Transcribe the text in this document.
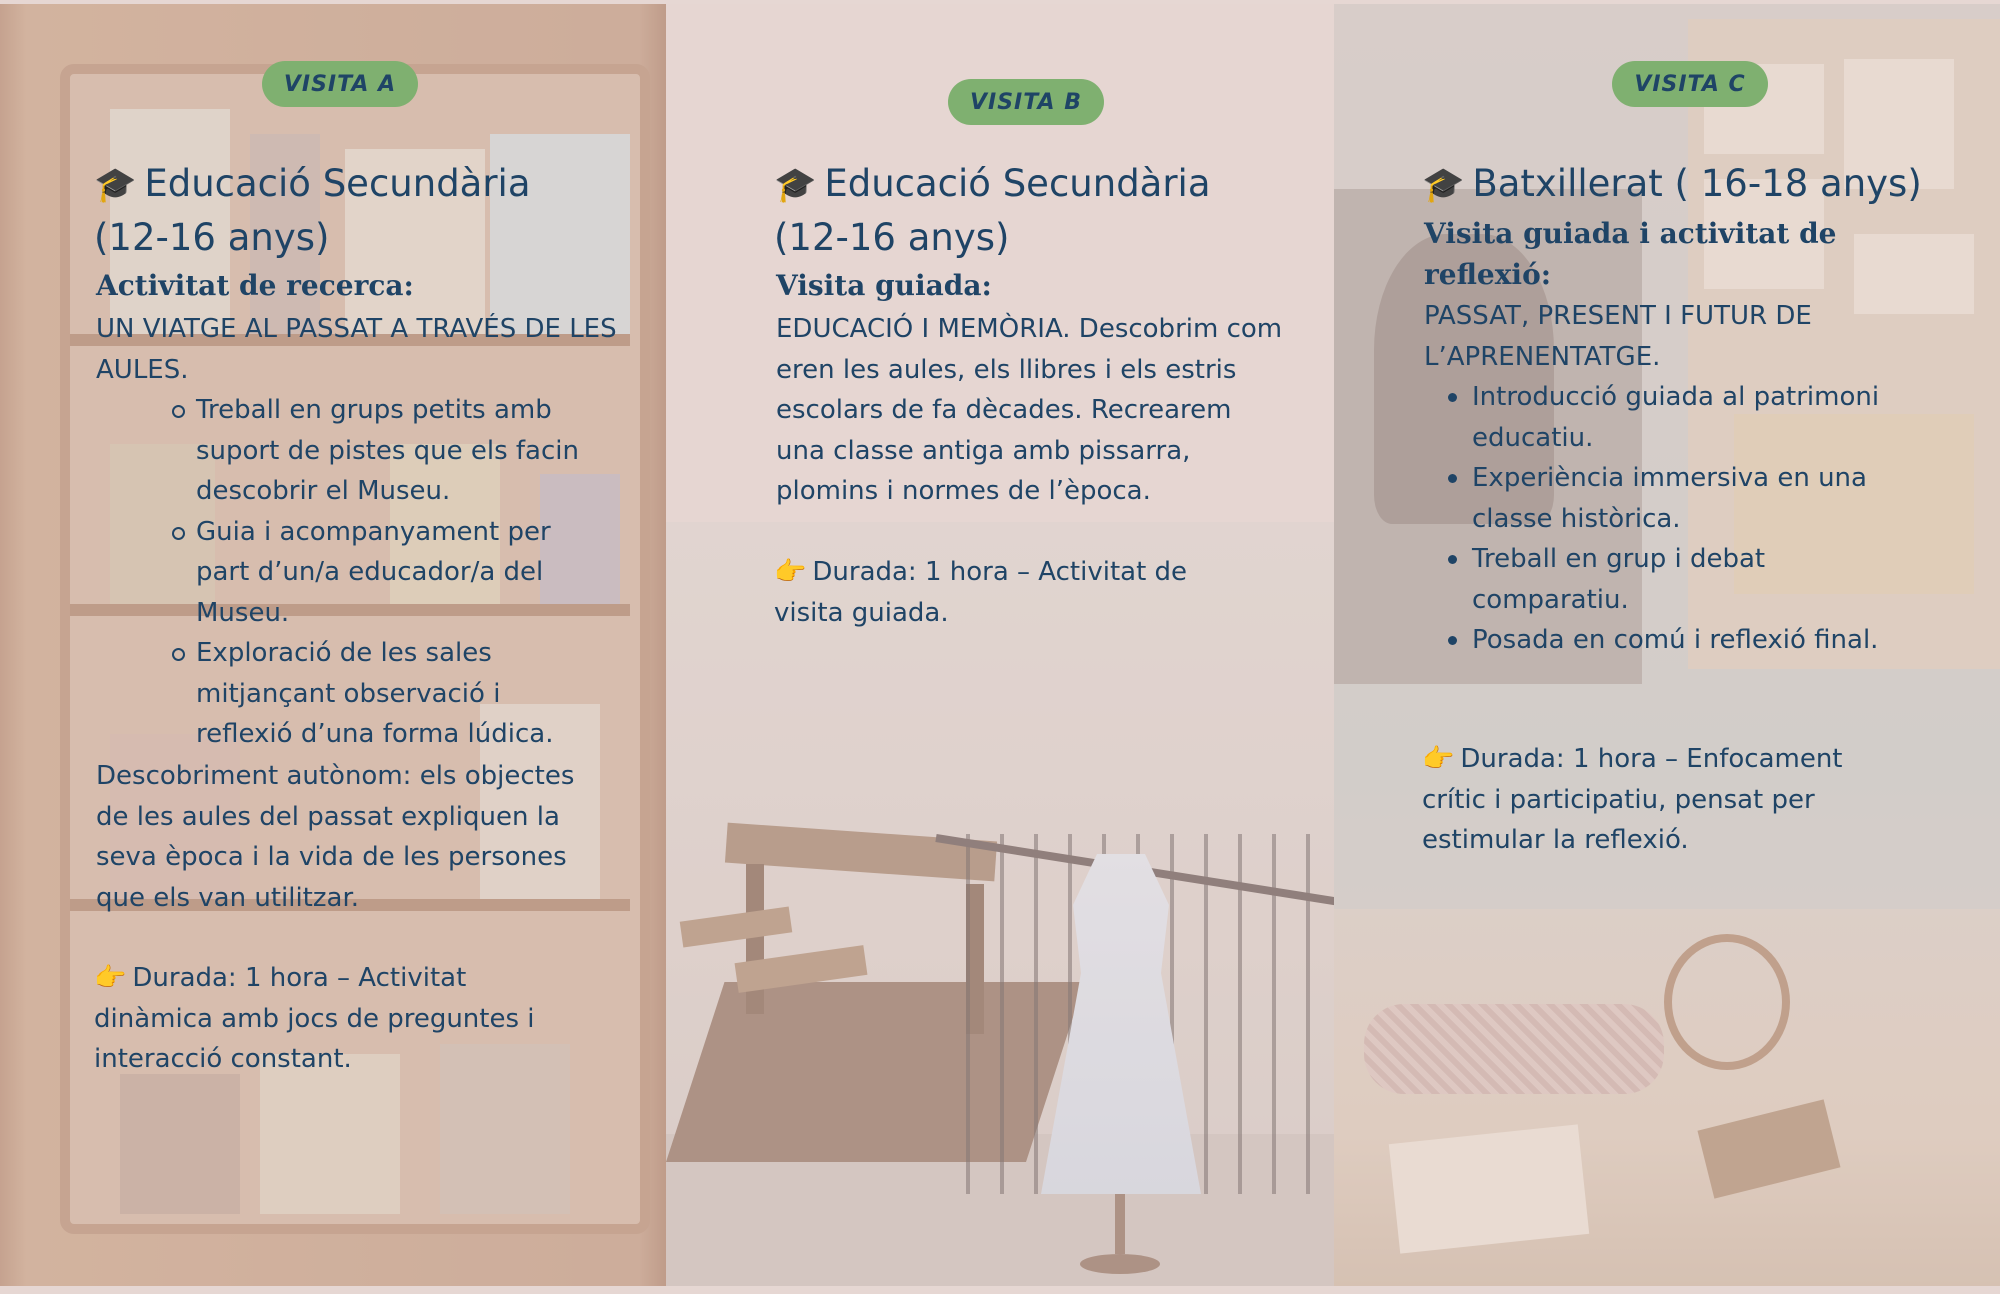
VISITA A
🎓 Educació Secundària
(12-16 anys)

Activitat de recerca:

UN VIATGE AL PASSAT A TRAVÉS DE LES

AULES.

Treball en grups petits amb
suport de pistes que els facin
descobrir el Museu.
Guia i acompanyament per
part d’un/a educador/a del
Museu.
Exploració de les sales
mitjançant observació i
reflexió d’una forma lúdica.
Descobriment autònom: els objectes
de les aules del passat expliquen la
seva època i la vida de les persones
que els van utilitzar.
👉 Durada: 1 hora – Activitat
dinàmica amb jocs de preguntes i
interacció constant.
VISITA B
🎓 Educació Secundària
(12-16 anys)

Visita guiada:

EDUCACIÓ I MEMÒRIA. Descobrim com
eren les aules, els llibres i els estris
escolars de fa dècades. Recrearem
una classe antiga amb pissarra,
plomins i normes de l’època.
👉 Durada: 1 hora – Activitat de
visita guiada.
VISITA C
🎓 Batxillerat ( 16-18 anys)

Visita guiada i activitat de

reflexió:

PASSAT, PRESENT I FUTUR DE

L’APRENENTATGE.

Introducció guiada al patrimoni
educatiu.
Experiència immersiva en una
classe històrica.
Treball en grup i debat
comparatiu.
Posada en comú i reflexió final.
👉 Durada: 1 hora – Enfocament
crític i participatiu, pensat per
estimular la reflexió.
